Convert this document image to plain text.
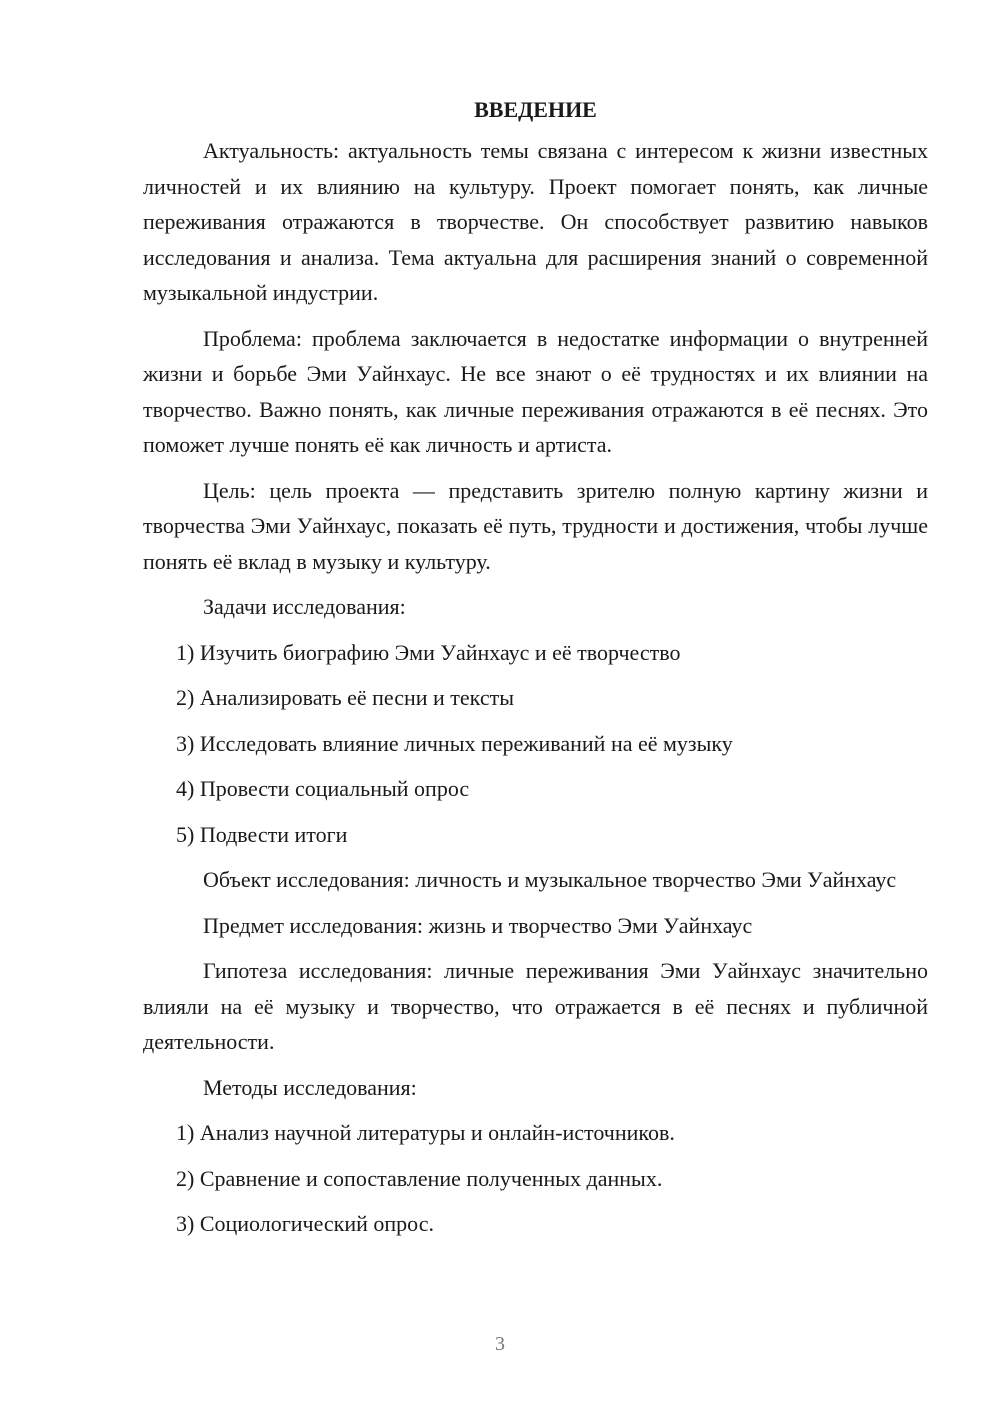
ВВЕДЕНИЕ
Актуальность: актуальность темы связана с интересом к жизни известных личностей и их влиянию на культуру. Проект помогает понять, как личные переживания отражаются в творчестве. Он способствует развитию навыков исследования и анализа. Тема актуальна для расширения знаний о современной музыкальной индустрии.
Проблема: проблема заключается в недостатке информации о внутренней жизни и борьбе Эми Уайнхаус. Не все знают о её трудностях и их влиянии на творчество. Важно понять, как личные переживания отражаются в её песнях. Это поможет лучше понять её как личность и артиста.
Цель: цель проекта — представить зрителю полную картину жизни и творчества Эми Уайнхаус, показать её путь, трудности и достижения, чтобы лучше понять её вклад в музыку и культуру.
Задачи исследования:
1) Изучить биографию Эми Уайнхаус и её творчество
2) Анализировать её песни и тексты
3) Исследовать влияние личных переживаний на её музыку
4) Провести социальный опрос
5) Подвести итоги
Объект исследования: личность и музыкальное творчество Эми Уайнхаус
Предмет исследования: жизнь и творчество Эми Уайнхаус
Гипотеза исследования: личные переживания Эми Уайнхаус значительно влияли на её музыку и творчество, что отражается в её песнях и публичной деятельности.
Методы исследования:
1) Анализ научной литературы и онлайн-источников.
2) Сравнение и сопоставление полученных данных.
3) Социологический опрос.
3
